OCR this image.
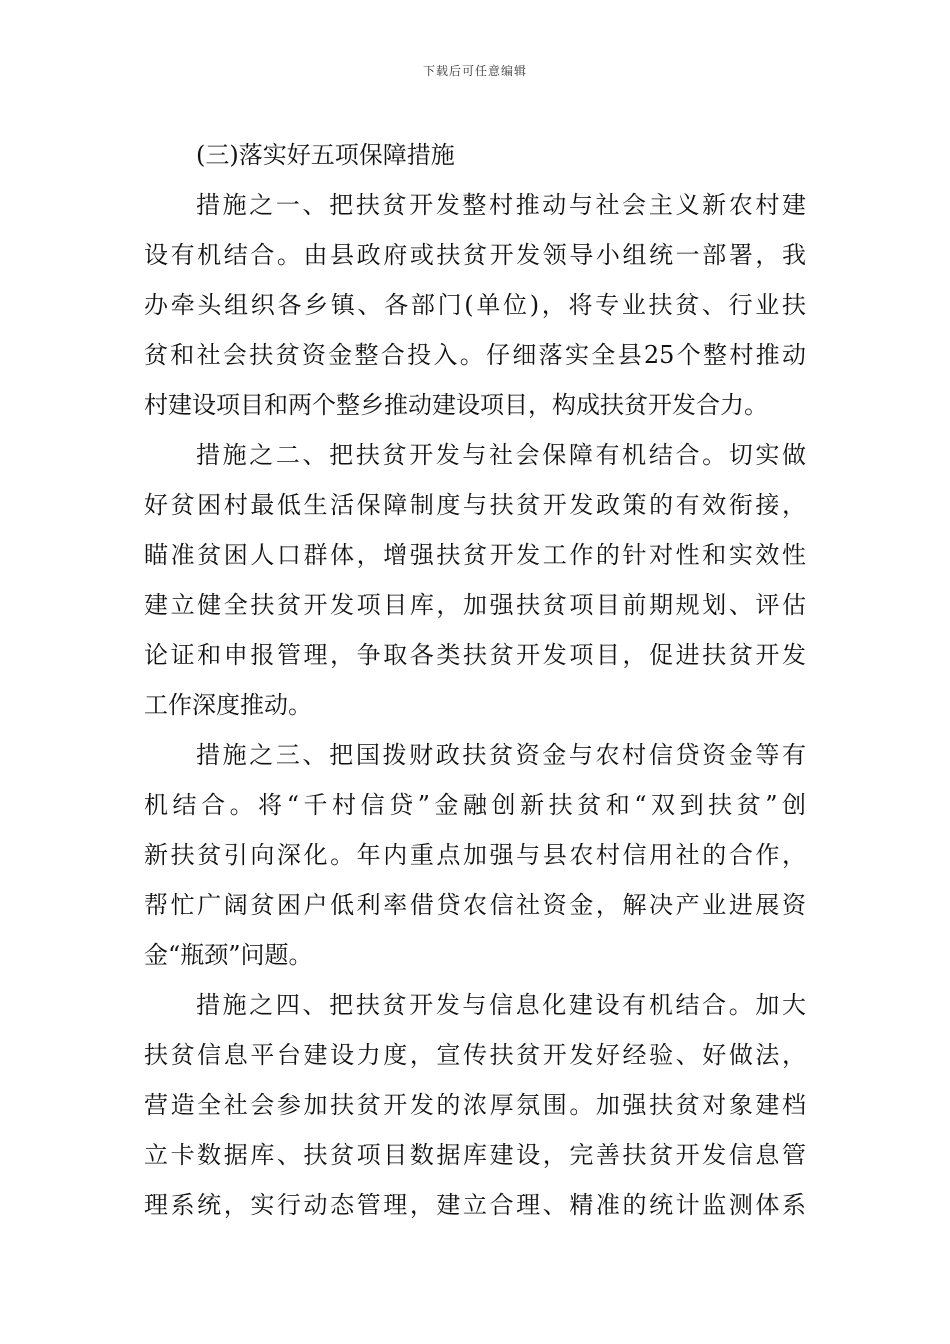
下载后可任意编辑
(三)落实好五项保障措施
措施之一、把扶贫开发整村推动与社会主义新农村建
设有机结合。由县政府或扶贫开发领导小组统一部署，我
办牵头组织各乡镇、各部门(单位)，将专业扶贫、行业扶
贫和社会扶贫资金整合投入。仔细落实全县25个整村推动
村建设项目和两个整乡推动建设项目，构成扶贫开发合力。
措施之二、把扶贫开发与社会保障有机结合。切实做
好贫困村最低生活保障制度与扶贫开发政策的有效衔接，
瞄准贫困人口群体，增强扶贫开发工作的针对性和实效性
建立健全扶贫开发项目库，加强扶贫项目前期规划、评估
论证和申报管理，争取各类扶贫开发项目，促进扶贫开发
工作深度推动。
措施之三、把国拨财政扶贫资金与农村信贷资金等有
机结合。将“千村信贷”金融创新扶贫和“双到扶贫”创
新扶贫引向深化。年内重点加强与县农村信用社的合作，
帮忙广阔贫困户低利率借贷农信社资金，解决产业进展资
金“瓶颈”问题。
措施之四、把扶贫开发与信息化建设有机结合。加大
扶贫信息平台建设力度，宣传扶贫开发好经验、好做法，
营造全社会参加扶贫开发的浓厚氛围。加强扶贫对象建档
立卡数据库、扶贫项目数据库建设，完善扶贫开发信息管
理系统，实行动态管理，建立合理、精准的统计监测体系
